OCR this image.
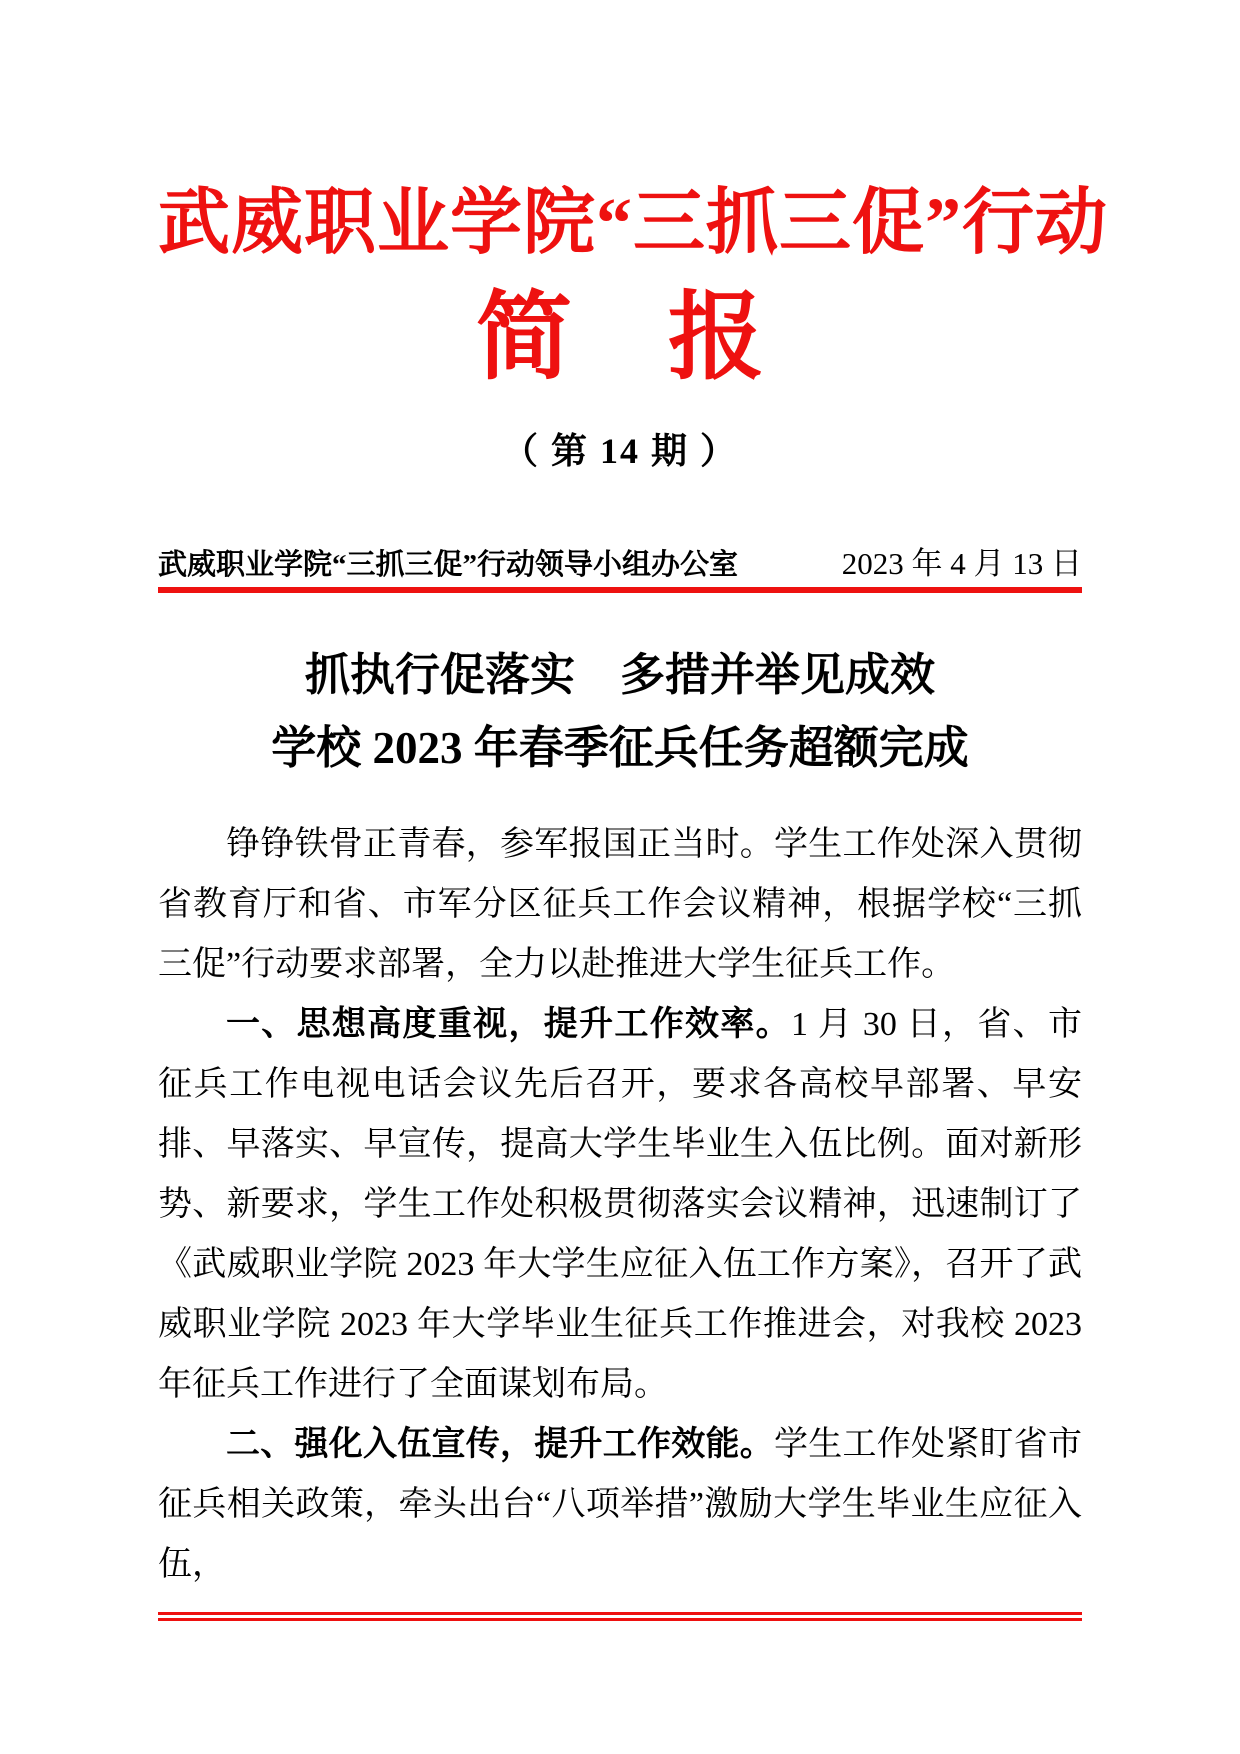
武威职业学院“三抓三促”行动
简　报
（ 第 14 期 ）
武威职业学院“三抓三促”行动领导小组办公室	2023 年 4 月 13 日
抓执行促落实　多措并举见成效
学校 2023 年春季征兵任务超额完成

铮铮铁骨正青春，参军报国正当时。学生工作处深入贯彻省教育厅和省、市军分区征兵工作会议精神，根据学校“三抓三促”行动要求部署，全力以赴推进大学生征兵工作。

一、思想高度重视，提升工作效率。1 月 30 日，省、市征兵工作电视电话会议先后召开，要求各高校早部署、早安排、早落实、早宣传，提高大学生毕业生入伍比例。面对新形势、新要求，学生工作处积极贯彻落实会议精神，迅速制订了《武威职业学院 2023 年大学生应征入伍工作方案》，召开了武威职业学院 2023 年大学毕业生征兵工作推进会，对我校 2023 年征兵工作进行了全面谋划布局。

二、强化入伍宣传，提升工作效能。学生工作处紧盯省市征兵相关政策，牵头出台“八项举措”激励大学生毕业生应征入伍，
